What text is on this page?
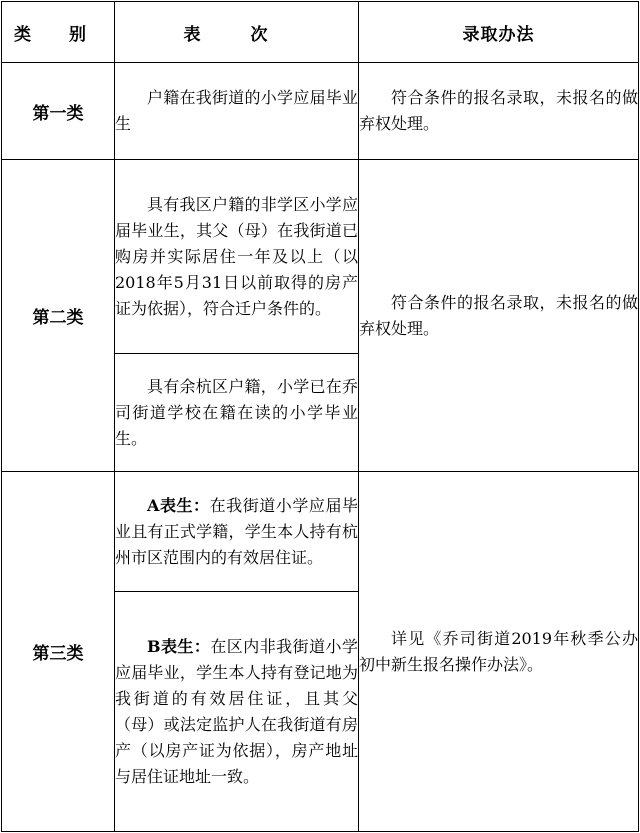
类 别	表 次	录取办法
第一类	户籍在我街道的小学应届毕业生	符合条件的报名录取，未报名的做弃权处理。

第二类	具有我区户籍的非学区小学应届毕业生，其父（母）在我街道已购房并实际居住一年及以上（以2018年5月31日以前取得的房产证为依据），符合迁户条件的。	符合条件的报名录取，未报名的做弃权处理。

	具有余杭区户籍，小学已在乔司街道学校在籍在读的小学毕业生。	

第三类	A表生：在我街道小学应届毕业且有正式学籍，学生本人持有杭州市区范围内的有效居住证。	详见《乔司街道2019年秋季公办初中新生报名操作办法》。

	B表生：在区内非我街道小学应届毕业，学生本人持有登记地为我街道的有效居住证，且其父（母）或法定监护人在我街道有房产（以房产证为依据），房产地址与居住证地址一致。	
